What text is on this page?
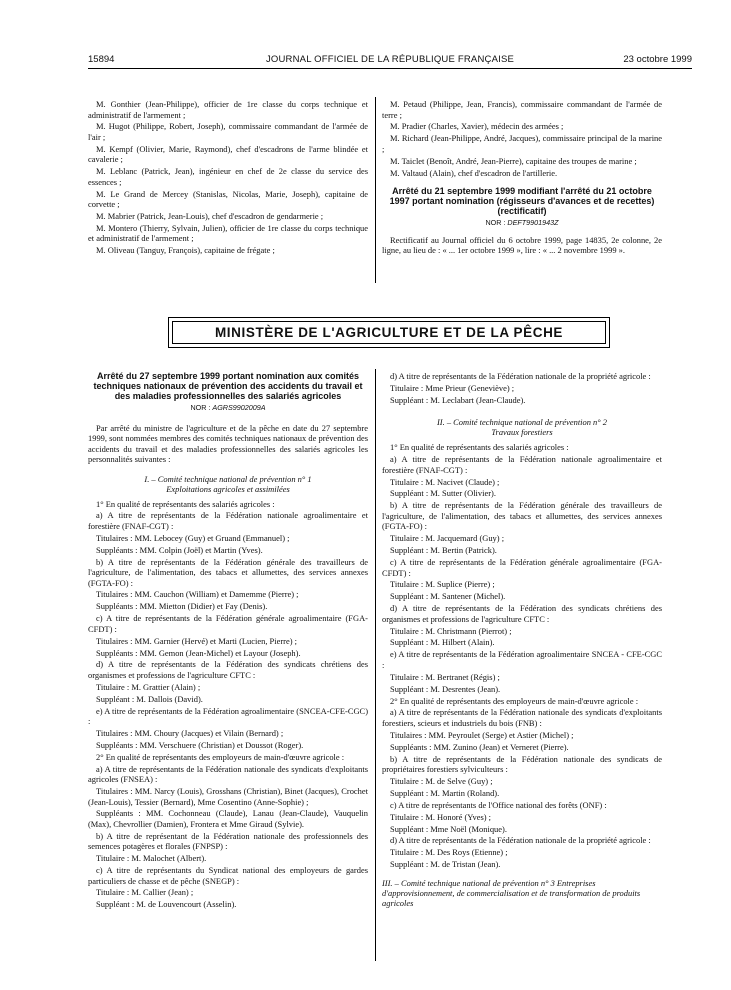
15894	JOURNAL OFFICIEL DE LA RÉPUBLIQUE FRANÇAISE	23 octobre 1999

M. Gonthier (Jean-Philippe), officier de 1re classe du corps technique et administratif de l'armement ;

M. Hugot (Philippe, Robert, Joseph), commissaire commandant de l'armée de l'air ;

M. Kempf (Olivier, Marie, Raymond), chef d'escadrons de l'arme blindée et cavalerie ;

M. Leblanc (Patrick, Jean), ingénieur en chef de 2e classe du service des essences ;

M. Le Grand de Mercey (Stanislas, Nicolas, Marie, Joseph), capitaine de corvette ;

M. Mabrier (Patrick, Jean-Louis), chef d'escadron de gendarmerie ;

M. Montero (Thierry, Sylvain, Julien), officier de 1re classe du corps technique et administratif de l'armement ;

M. Oliveau (Tanguy, François), capitaine de frégate ;

M. Petaud (Philippe, Jean, Francis), commissaire commandant de l'armée de terre ;

M. Pradier (Charles, Xavier), médecin des armées ;

M. Richard (Jean-Philippe, André, Jacques), commissaire principal de la marine ;

M. Taiclet (Benoît, André, Jean-Pierre), capitaine des troupes de marine ;

M. Valtaud (Alain), chef d'escadron de l'artillerie.

Arrêté du 21 septembre 1999 modifiant l'arrêté du 21 octobre 1997 portant nomination (régisseurs d'avances et de recettes) (rectificatif)
NOR : DEFT9901943Z

Rectificatif au Journal officiel du 6 octobre 1999, page 14835, 2e colonne, 2e ligne, au lieu de : « ... 1er octobre 1999 », lire : « ... 2 novembre 1999 ».

MINISTÈRE DE L'AGRICULTURE ET DE LA PÊCHE
Arrêté du 27 septembre 1999 portant nomination aux comités techniques nationaux de prévention des accidents du travail et des maladies professionnelles des salariés agricoles
NOR : AGRS9902009A

Par arrêté du ministre de l'agriculture et de la pêche en date du 27 septembre 1999, sont nommées membres des comités techniques nationaux de prévention des accidents du travail et des maladies professionnelles des salariés agricoles les personnalités suivantes :

I. – Comité technique national de prévention n° 1
Exploitations agricoles et assimilées

1° En qualité de représentants des salariés agricoles :

a) A titre de représentants de la Fédération nationale agroalimentaire et forestière (FNAF-CGT) :

Titulaires : MM. Lebocey (Guy) et Gruand (Emmanuel) ;

Suppléants : MM. Colpin (Joël) et Martin (Yves).

b) A titre de représentants de la Fédération générale des travailleurs de l'agriculture, de l'alimentation, des tabacs et allumettes, des services annexes (FGTA-FO) :

Titulaires : MM. Cauchon (William) et Damemme (Pierre) ;

Suppléants : MM. Mietton (Didier) et Fay (Denis).

c) A titre de représentants de la Fédération générale agroalimentaire (FGA-CFDT) :

Titulaires : MM. Garnier (Hervé) et Marti (Lucien, Pierre) ;

Suppléants : MM. Gemon (Jean-Michel) et Layour (Joseph).

d) A titre de représentants de la Fédération des syndicats chrétiens des organismes et professions de l'agriculture CFTC :

Titulaire : M. Grattier (Alain) ;

Suppléant : M. Dallois (David).

e) A titre de représentants de la Fédération agroalimentaire (SNCEA-CFE-CGC) :

Titulaires : MM. Choury (Jacques) et Vilain (Bernard) ;

Suppléants : MM. Verschuere (Christian) et Doussot (Roger).

2° En qualité de représentants des employeurs de main-d'œuvre agricole :

a) A titre de représentants de la Fédération nationale des syndicats d'exploitants agricoles (FNSEA) :

Titulaires : MM. Narcy (Louis), Grosshans (Christian), Binet (Jacques), Crochet (Jean-Louis), Tessier (Bernard), Mme Cosentino (Anne-Sophie) ;

Suppléants : MM. Cochonneau (Claude), Lanau (Jean-Claude), Vauquelin (Max), Chevrollier (Damien), Frontera et Mme Giraud (Sylvie).

b) A titre de représentant de la Fédération nationale des professionnels des semences potagères et florales (FNPSP) :

Titulaire : M. Malochet (Albert).

c) A titre de représentants du Syndicat national des employeurs de gardes particuliers de chasse et de pêche (SNEGP) :

Titulaire : M. Callier (Jean) ;

Suppléant : M. de Louvencourt (Asselin).

d) A titre de représentants de la Fédération nationale de la propriété agricole :

Titulaire : Mme Prieur (Geneviève) ;

Suppléant : M. Leclabart (Jean-Claude).

II. – Comité technique national de prévention n° 2
Travaux forestiers

1° En qualité de représentants des salariés agricoles :

a) A titre de représentants de la Fédération nationale agroalimentaire et forestière (FNAF-CGT) :

Titulaire : M. Nacivet (Claude) ;

Suppléant : M. Sutter (Olivier).

b) A titre de représentants de la Fédération générale des travailleurs de l'agriculture, de l'alimentation, des tabacs et allumettes, des services annexes (FGTA-FO) :

Titulaire : M. Jacquemard (Guy) ;

Suppléant : M. Bertin (Patrick).

c) A titre de représentants de la Fédération générale agroalimentaire (FGA-CFDT) :

Titulaire : M. Suplice (Pierre) ;

Suppléant : M. Santener (Michel).

d) A titre de représentants de la Fédération des syndicats chrétiens des organismes et professions de l'agriculture CFTC :

Titulaire : M. Christmann (Pierrot) ;

Suppléant : M. Hilbert (Alain).

e) A titre de représentants de la Fédération agroalimentaire SNCEA - CFE-CGC :

Titulaire : M. Bertranet (Régis) ;

Suppléant : M. Desrentes (Jean).

2° En qualité de représentants des employeurs de main-d'œuvre agricole :

a) A titre de représentants de la Fédération nationale des syndicats d'exploitants forestiers, scieurs et industriels du bois (FNB) :

Titulaires : MM. Peyroulet (Serge) et Astier (Michel) ;

Suppléants : MM. Zunino (Jean) et Verneret (Pierre).

b) A titre de représentants de la Fédération nationale des syndicats de propriétaires forestiers sylviculteurs :

Titulaire : M. de Selve (Guy) ;

Suppléant : M. Martin (Roland).

c) A titre de représentants de l'Office national des forêts (ONF) :

Titulaire : M. Honoré (Yves) ;

Suppléant : Mme Noël (Monique).

d) A titre de représentants de la Fédération nationale de la propriété agricole :

Titulaire : M. Des Roys (Etienne) ;

Suppléant : M. de Tristan (Jean).

III. – Comité technique national de prévention n° 3 Entreprises d'approvisionnement, de commercialisation et de transformation de produits agricoles
